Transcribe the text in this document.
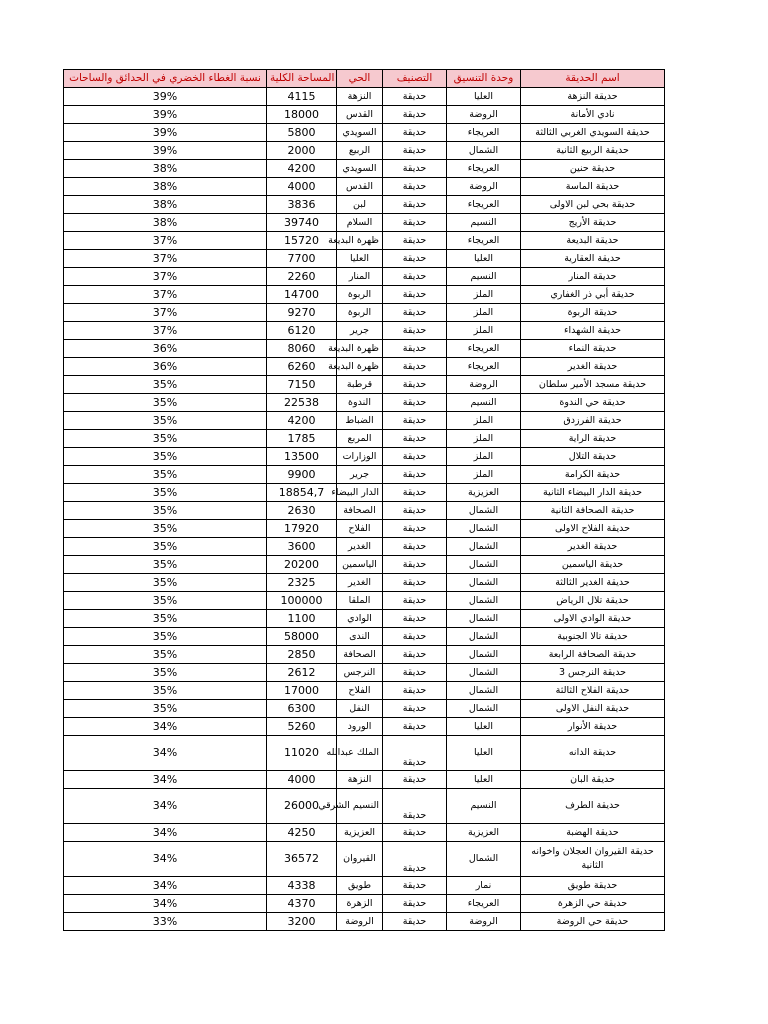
نسبة الغطاء الخضري في الحدائق والساحات	المساحة الكلية	الحي	التصنيف	وحدة التنسيق	اسم الحديقة
39%	4115	النزهة	حديقة	العليا	حديقة النزهة
39%	18000	القدس	حديقة	الروضة	نادي الأمانة
39%	5800	السويدي	حديقة	العريجاء	حديقة السويدي الغربي الثالثة
39%	2000	الربيع	حديقة	الشمال	حديقة الربيع الثانية
38%	4200	السويدي	حديقة	العريجاء	حديقة حنين
38%	4000	القدس	حديقة	الروضة	حديقة الماسة
38%	3836	لبن	حديقة	العريجاء	حديقة بحي لبن الاولى
38%	39740	السلام	حديقة	النسيم	حديقة الأريج
37%	15720	ظهرة البديعة	حديقة	العريجاء	حديقة البديعة
37%	7700	العليا	حديقة	العليا	حديقة العقارية
37%	2260	المنار	حديقة	النسيم	حديقة المنار
37%	14700	الربوة	حديقة	الملز	حديقة أبي ذر الغفاري
37%	9270	الربوة	حديقة	الملز	حديقة الربوة
37%	6120	جرير	حديقة	الملز	حديقة الشهداء
36%	8060	ظهرة البديعة	حديقة	العريجاء	حديقة النماء
36%	6260	ظهرة البديعة	حديقة	العريجاء	حديقة الغدير
35%	7150	قرطبة	حديقة	الروضة	حديقة مسجد الأمير سلطان
35%	22538	الندوة	حديقة	النسيم	حديقة حي الندوة
35%	4200	الضباط	حديقة	الملز	حديقة الفرزدق
35%	1785	المربع	حديقة	الملز	حديقة الراية
35%	13500	الوزارات	حديقة	الملز	حديقة التلال
35%	9900	جرير	حديقة	الملز	حديقة الكرامة
35%	18854,7	الدار البيضاء	حديقة	العزيزية	حديقة الدار البيضاء الثانية
35%	2630	الصحافة	حديقة	الشمال	حديقة الصحافة الثانية
35%	17920	الفلاح	حديقة	الشمال	حديقة الفلاح الاولى
35%	3600	الغدير	حديقة	الشمال	حديقة الغدير
35%	20200	الياسمين	حديقة	الشمال	حديقة الياسمين
35%	2325	الغدير	حديقة	الشمال	حديقة الغدير الثالثة
35%	100000	الملقا	حديقة	الشمال	حديقة تلال الرياض
35%	1100	الوادي	حديقة	الشمال	حديقة الوادي الاولى
35%	58000	الندى	حديقة	الشمال	حديقة تالا الجنوبية
35%	2850	الصحافة	حديقة	الشمال	حديقة الصحافة الرابعة
35%	2612	النرجس	حديقة	الشمال	حديقة النرجس 3
35%	17000	الفلاح	حديقة	الشمال	حديقة الفلاح الثالثة
35%	6300	النفل	حديقة	الشمال	حديقة النفل الاولى
34%	5260	الورود	حديقة	العليا	حديقة الأنوار
34%	11020	الملك عبدالله	حديقة	العليا	حديقة الدانه
34%	4000	النزهة	حديقة	العليا	حديقة البان
34%	26000	النسيم الشرقي	حديقة	النسيم	حديقة الطرف
34%	4250	العزيزية	حديقة	العزيزية	حديقة الهضبة
34%	36572	القيروان	حديقة	الشمال	حديقة القيروان العجلان واخوانه الثانية
34%	4338	طويق	حديقة	نمار	حديقة طويق
34%	4370	الزهرة	حديقة	العريجاء	حديقة حي الزهرة
33%	3200	الروضة	حديقة	الروضة	حديقة حي الروضة
